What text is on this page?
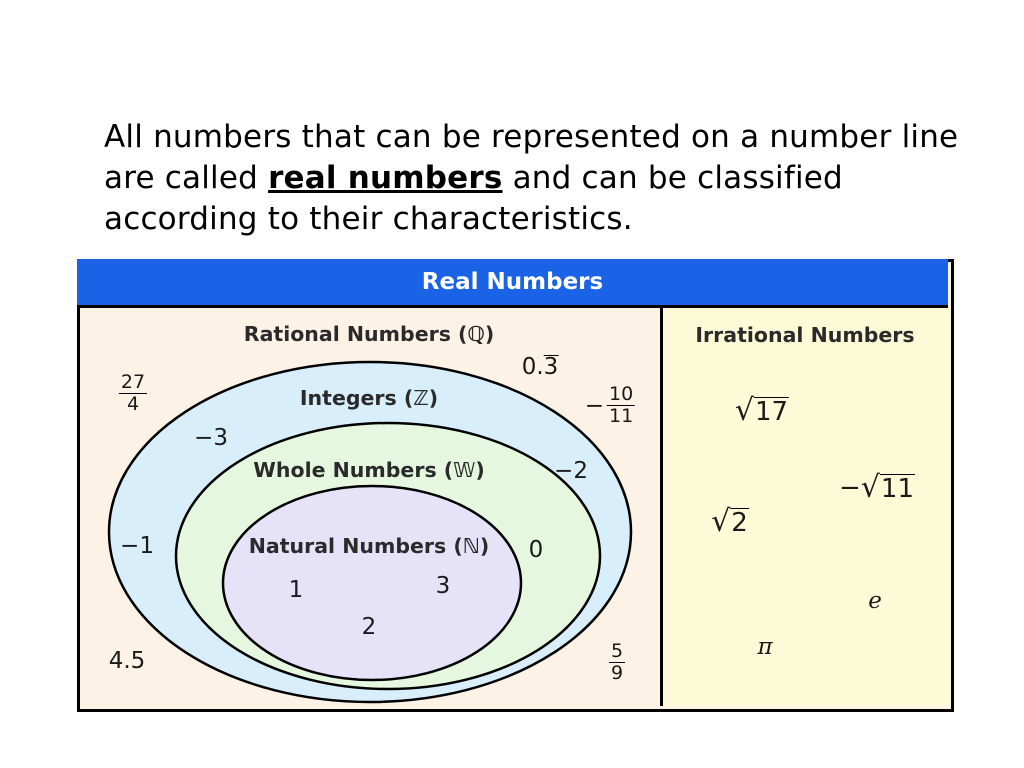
All numbers that can be represented on a number line are called real numbers and can be classified according to their characteristics.

Real Numbers
Rational Numbers (ℚ)
Integers (ℤ)
Whole Numbers (𝕎)
Natural Numbers (ℕ)
Irrational Numbers
0.3
$\frac{27}{4}$	− $\frac{10}{11}$
$\frac{5}{9}$
4.5
−3
−2
−1	0
1	3
2
√ 17
− √ 11
√ 2
e
π
